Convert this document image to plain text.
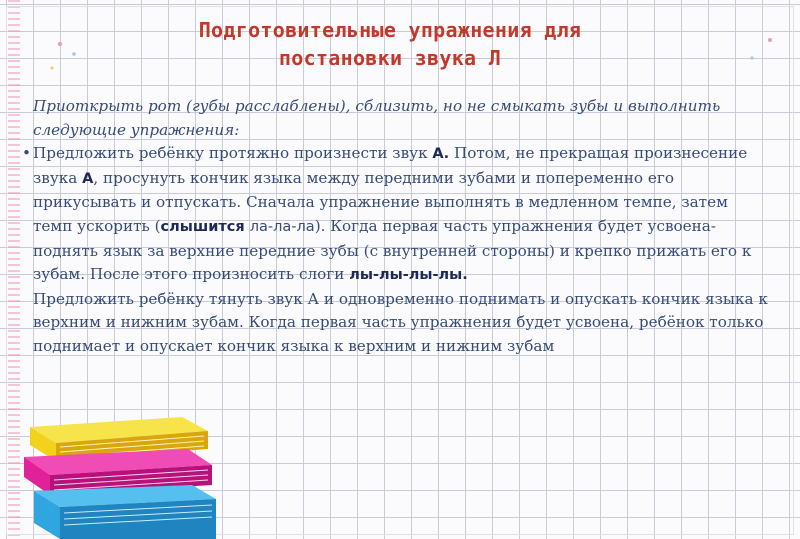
Подготовительные упражнения для
постановки звука Л
Приоткрыть рот (губы расслаблены), сблизить, но не смыкать зубы и выполнить следующие упражнения:
• Предложить ребёнку протяжно произнести звук А. Потом, не прекращая произнесение звука А, просунуть кончик языка между передними зубами и попеременно его прикусывать и отпускать. Сначала упражнение выполнять в медленном темпе, затем темп ускорить (слышится ла-ла-ла). Когда первая часть упражнения будет усвоена- поднять язык за верхние передние зубы (с внутренней стороны) и крепко прижать его к зубам. После этого произносить слоги лы-лы-лы-лы.
Предложить ребёнку тянуть звук А и одновременно поднимать и опускать кончик языка к верхним и нижним зубам. Когда первая часть упражнения будет усвоена, ребёнок только поднимает и опускает кончик языка к верхним и нижним зубам
